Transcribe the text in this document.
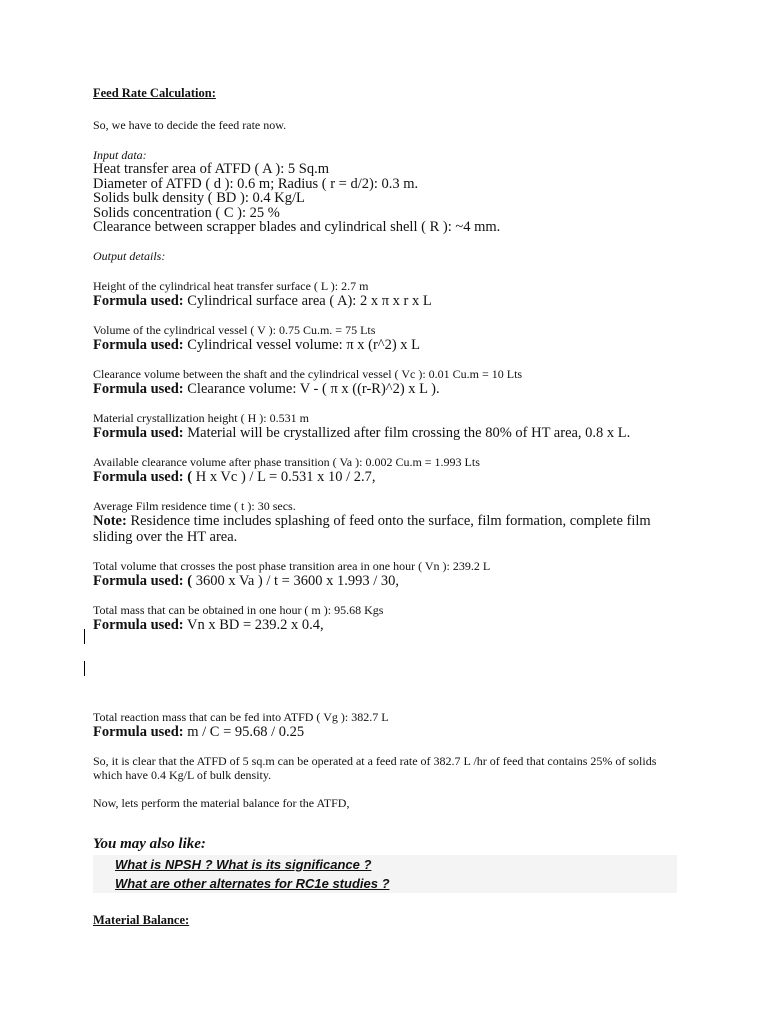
Feed Rate Calculation:

So, we have to decide the feed rate now.

Input data:

Heat transfer area of ATFD ( A ): 5 Sq.m
Diameter of ATFD ( d ): 0.6 m; Radius ( r = d/2): 0.3 m.
Solids bulk density ( BD ): 0.4 Kg/L
Solids concentration ( C ): 25 %
Clearance between scrapper blades and cylindrical shell ( R ): ~4 mm.

Output details:

Height of the cylindrical heat transfer surface ( L ): 2.7 m
Formula used: Cylindrical surface area ( A): 2 x π x r x L
Volume of the cylindrical vessel ( V ): 0.75 Cu.m. = 75 Lts
Formula used: Cylindrical vessel volume: π x (r^2) x L
Clearance volume between the shaft and the cylindrical vessel ( Vc ): 0.01 Cu.m = 10 Lts
Formula used: Clearance volume: V - ( π x ((r-R)^2) x L ).
Material crystallization height ( H ): 0.531 m
Formula used: Material will be crystallized after film crossing the 80% of HT area, 0.8 x L.
Available clearance volume after phase transition ( Va ): 0.002 Cu.m = 1.993 Lts
Formula used: ( H x Vc ) / L = 0.531 x 10 / 2.7,
Average Film residence time ( t ): 30 secs.
Note: Residence time includes splashing of feed onto the surface, film formation, complete film sliding over the HT area.
Total volume that crosses the post phase transition area in one hour ( Vn ): 239.2 L
Formula used: ( 3600 x Va ) / t = 3600 x 1.993 / 30,
Total mass that can be obtained in one hour ( m ): 95.68 Kgs
Formula used: Vn x BD = 239.2 x 0.4,
Total reaction mass that can be fed into ATFD ( Vg ): 382.7 L
Formula used: m / C = 95.68 / 0.25

So, it is clear that the ATFD of 5 sq.m can be operated at a feed rate of 382.7 L /hr of feed that contains 25% of solids which have 0.4 Kg/L of bulk density.

Now, lets perform the material balance for the ATFD,

You may also like:

What is NPSH ? What is its significance ?
What are other alternates for RC1e studies ?

Material Balance:
